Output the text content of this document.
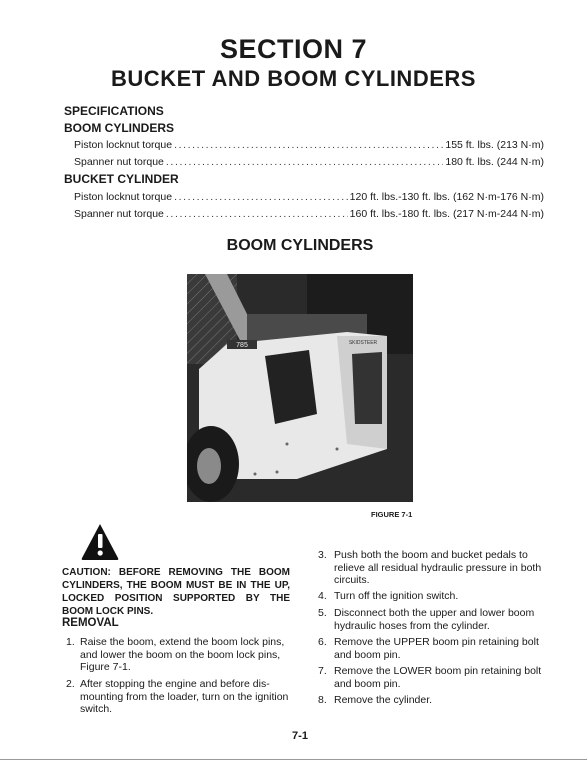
SECTION 7
BUCKET AND BOOM CYLINDERS
SPECIFICATIONS
BOOM CYLINDERS
Piston locknut torque .....	155 ft. lbs. (213 N·m)
Spanner nut torque .....	180 ft. lbs. (244 N·m)
BUCKET CYLINDER
Piston locknut torque .....	120 ft. lbs.-130 ft. lbs. (162 N·m-176 N·m)
Spanner nut torque .....	160 ft. lbs.-180 ft. lbs. (217 N·m-244 N·m)
BOOM CYLINDERS
785	SKIDSTEER
FIGURE 7-1
CAUTION: BEFORE REMOVING THE BOOM CYLINDERS, THE BOOM MUST BE IN THE UP, LOCKED POSITION SUPPORTED BY THE BOOM LOCK PINS.
REMOVAL
1. Raise the boom, extend the boom lock pins, and lower the boom on the boom lock pins, Figure 7-1.
2. After stopping the engine and before dis-mounting from the loader, turn on the ignition switch.
3. Push both the boom and bucket pedals to relieve all residual hydraulic pressure in both circuits.
4. Turn off the ignition switch.
5. Disconnect both the upper and lower boom hydraulic hoses from the cylinder.
6. Remove the UPPER boom pin retaining bolt and boom pin.
7. Remove the LOWER boom pin retaining bolt and boom pin.
8. Remove the cylinder.
7-1
